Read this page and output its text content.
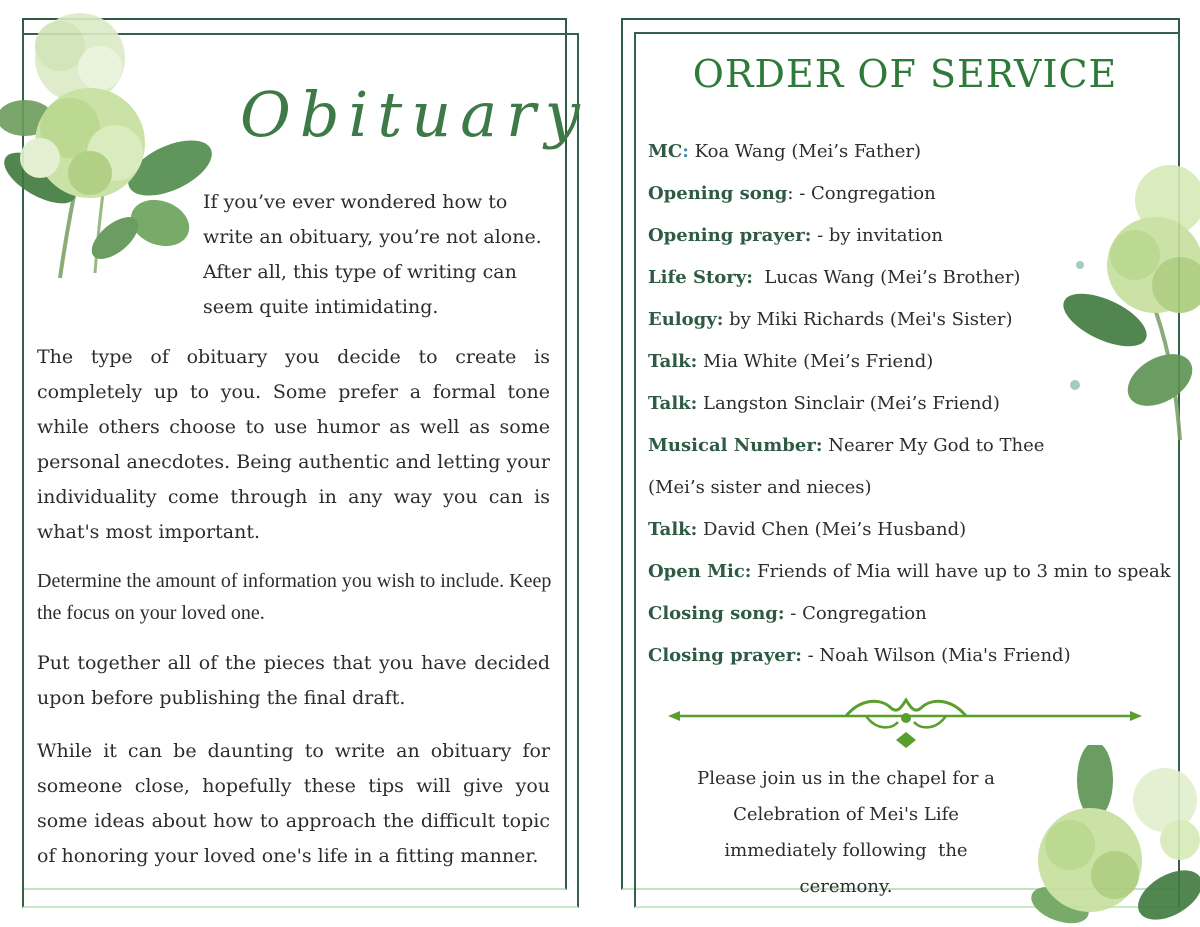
Obituary

If you’ve ever wondered how to write an obituary, you’re not alone. After all, this type of writing can seem quite intimidating.

The type of obituary you decide to create is completely up to you. Some prefer a formal tone while others choose to use humor as well as some personal anecdotes. Being authentic and letting your individuality come through in any way you can is what's most important.

Determine the amount of information you wish to include. Keep the focus on your loved one.

Put together all of the pieces that you have decided upon before publishing the final draft.

While it can be daunting to write an obituary for someone close, hopefully these tips will give you some ideas about how to approach the difficult topic of honoring your loved one's life in a fitting manner.

ORDER OF SERVICE
MC: Koa Wang (Mei’s Father)
Opening song: - Congregation
Opening prayer: - by invitation
Life Story:  Lucas Wang (Mei’s Brother)
Eulogy: by Miki Richards (Mei's Sister)
Talk: Mia White (Mei’s Friend)
Talk: Langston Sinclair (Mei’s Friend)
Musical Number: Nearer My God to Thee
(Mei’s sister and nieces)
Talk: David Chen (Mei’s Husband)
Open Mic: Friends of Mia will have up to 3 min to speak
Closing song: - Congregation
Closing prayer: - Noah Wilson (Mia's Friend)
Please join us in the chapel for a
Celebration of Mei's Life
immediately following  the
ceremony.
